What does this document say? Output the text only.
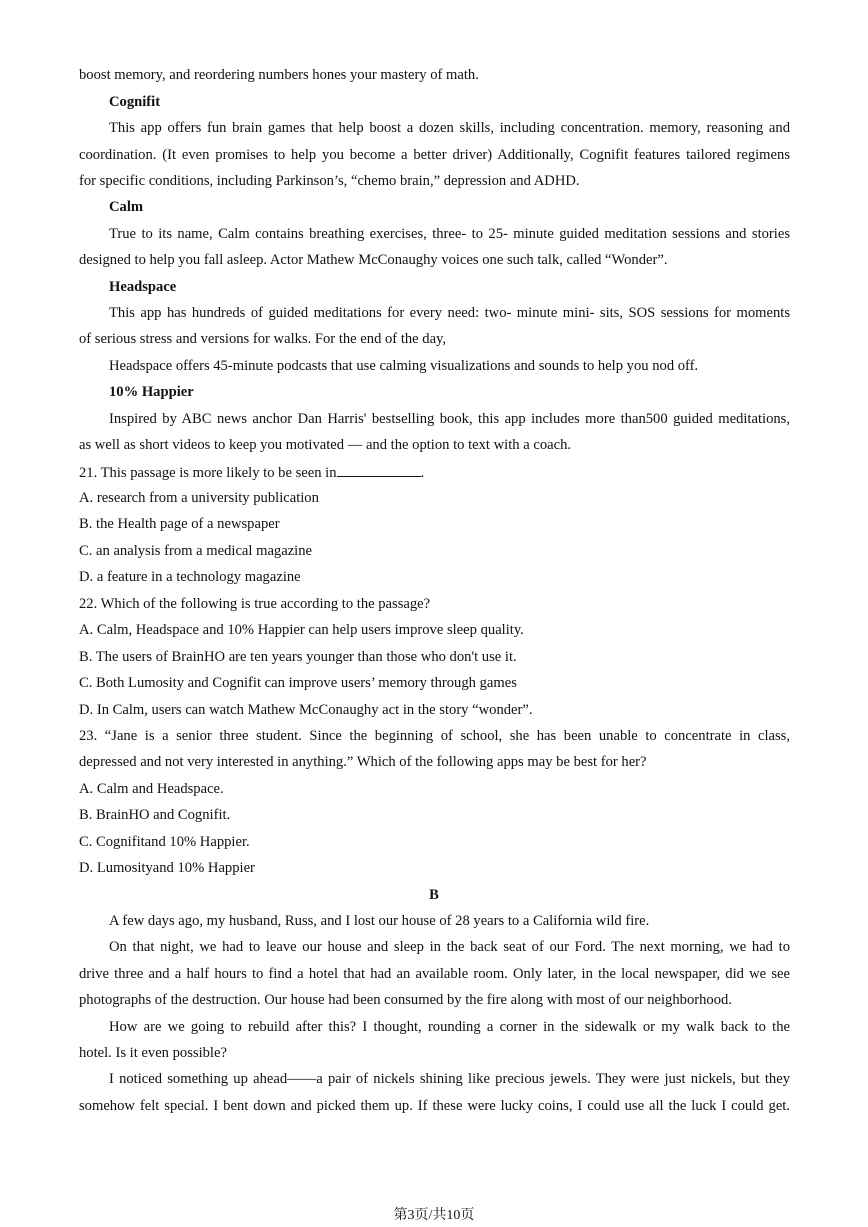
boost memory, and reordering numbers hones your mastery of math.
Cognifit
This app offers fun brain games that help boost a dozen skills, including concentration. memory, reasoning and
coordination. (It even promises to help you become a better driver) Additionally, Cognifit features tailored regimens
for specific conditions, including Parkinson’s, “chemo brain,” depression and ADHD.
Calm
True to its name, Calm contains breathing exercises, three- to 25- minute guided meditation sessions and stories
designed to help you fall asleep. Actor Mathew McConaughy voices one such talk, called “Wonder”.
Headspace
This app has hundreds of guided meditations for every need: two- minute mini- sits, SOS sessions for moments
of serious stress and versions for walks. For the end of the day,
Headspace offers 45-minute podcasts that use calming visualizations and sounds to help you nod off.
10% Happier
Inspired by ABC news anchor Dan Harris' bestselling book, this app includes more than500 guided meditations,
as well as short videos to keep you motivated — and the option to text with a coach.
21. This passage is more likely to be seen in	.
A. research from a university publication
B. the Health page of a newspaper
C. an analysis from a medical magazine
D. a feature in a technology magazine
22. Which of the following is true according to the passage?
A. Calm, Headspace and 10% Happier can help users improve sleep quality.
B. The users of BrainHO are ten years younger than those who don't use it.
C. Both Lumosity and Cognifit can improve users’ memory through games
D. In Calm, users can watch Mathew McConaughy act in the story “wonder”.
23. “Jane is a senior three student. Since the beginning of school, she has been unable to concentrate in class,
depressed and not very interested in anything.” Which of the following apps may be best for her?
A. Calm and Headspace.
B. BrainHO and Cognifit.
C. Cognifitand 10% Happier.
D. Lumosityand 10% Happier
B
A few days ago, my husband, Russ, and I lost our house of 28 years to a California wild fire.
On that night, we had to leave our house and sleep in the back seat of our Ford. The next morning, we had to
drive three and a half hours to find a hotel that had an available room. Only later, in the local newspaper, did we see
photographs of the destruction. Our house had been consumed by the fire along with most of our neighborhood.
How are we going to rebuild after this? I thought, rounding a corner in the sidewalk or my walk back to the
hotel. Is it even possible?
I noticed something up ahead——a pair of nickels shining like precious jewels. They were just nickels, but they
somehow felt special. I bent down and picked them up. If these were lucky coins, I could use all the luck I could get.
第3页/共10页
